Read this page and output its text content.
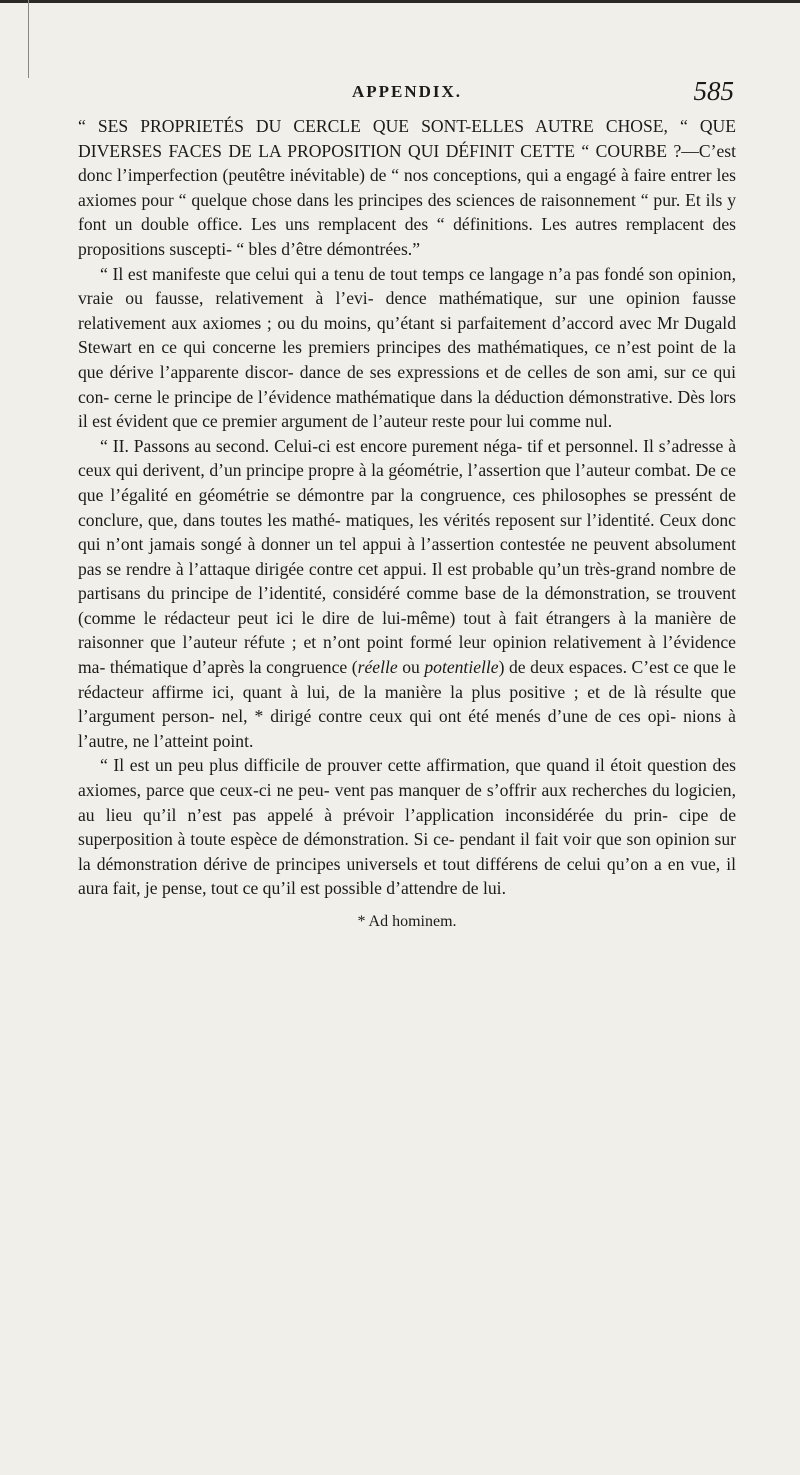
APPENDIX.	585

“ SES PROPRIETÉS DU CERCLE QUE SONT-ELLES AUTRE CHOSE, “ QUE DIVERSES FACES DE LA PROPOSITION QUI DÉFINIT CETTE “ COURBE ?—C’est donc l’imperfection (peutêtre inévitable) de “ nos conceptions, qui a engagé à faire entrer les axiomes pour “ quelque chose dans les principes des sciences de raisonnement “ pur. Et ils y font un double office. Les uns remplacent des “ définitions. Les autres remplacent des propositions suscepti- “ bles d’être démontrées.”

“ Il est manifeste que celui qui a tenu de tout temps ce langage n’a pas fondé son opinion, vraie ou fausse, relativement à l’evi- dence mathématique, sur une opinion fausse relativement aux axiomes ; ou du moins, qu’étant si parfaitement d’accord avec Mr Dugald Stewart en ce qui concerne les premiers principes des mathématiques, ce n’est point de la que dérive l’apparente discor- dance de ses expressions et de celles de son ami, sur ce qui con- cerne le principe de l’évidence mathématique dans la déduction démonstrative. Dès lors il est évident que ce premier argument de l’auteur reste pour lui comme nul.

“ II. Passons au second. Celui-ci est encore purement néga- tif et personnel. Il s’adresse à ceux qui derivent, d’un principe propre à la géométrie, l’assertion que l’auteur combat. De ce que l’égalité en géométrie se démontre par la congruence, ces philosophes se pressént de conclure, que, dans toutes les mathé- matiques, les vérités reposent sur l’identité. Ceux donc qui n’ont jamais songé à donner un tel appui à l’assertion contestée ne peuvent absolument pas se rendre à l’attaque dirigée contre cet appui. Il est probable qu’un très-grand nombre de partisans du principe de l’identité, considéré comme base de la démonstration, se trouvent (comme le rédacteur peut ici le dire de lui-même) tout à fait étrangers à la manière de raisonner que l’auteur réfute ; et n’ont point formé leur opinion relativement à l’évidence ma- thématique d’après la congruence (réelle ou potentielle) de deux espaces. C’est ce que le rédacteur affirme ici, quant à lui, de la manière la plus positive ; et de là résulte que l’argument person- nel, * dirigé contre ceux qui ont été menés d’une de ces opi- nions à l’autre, ne l’atteint point.

“ Il est un peu plus difficile de prouver cette affirmation, que quand il étoit question des axiomes, parce que ceux-ci ne peu- vent pas manquer de s’offrir aux recherches du logicien, au lieu qu’il n’est pas appelé à prévoir l’application inconsidérée du prin- cipe de superposition à toute espèce de démonstration. Si ce- pendant il fait voir que son opinion sur la démonstration dérive de principes universels et tout différens de celui qu’on a en vue, il aura fait, je pense, tout ce qu’il est possible d’attendre de lui.

* Ad hominem.
